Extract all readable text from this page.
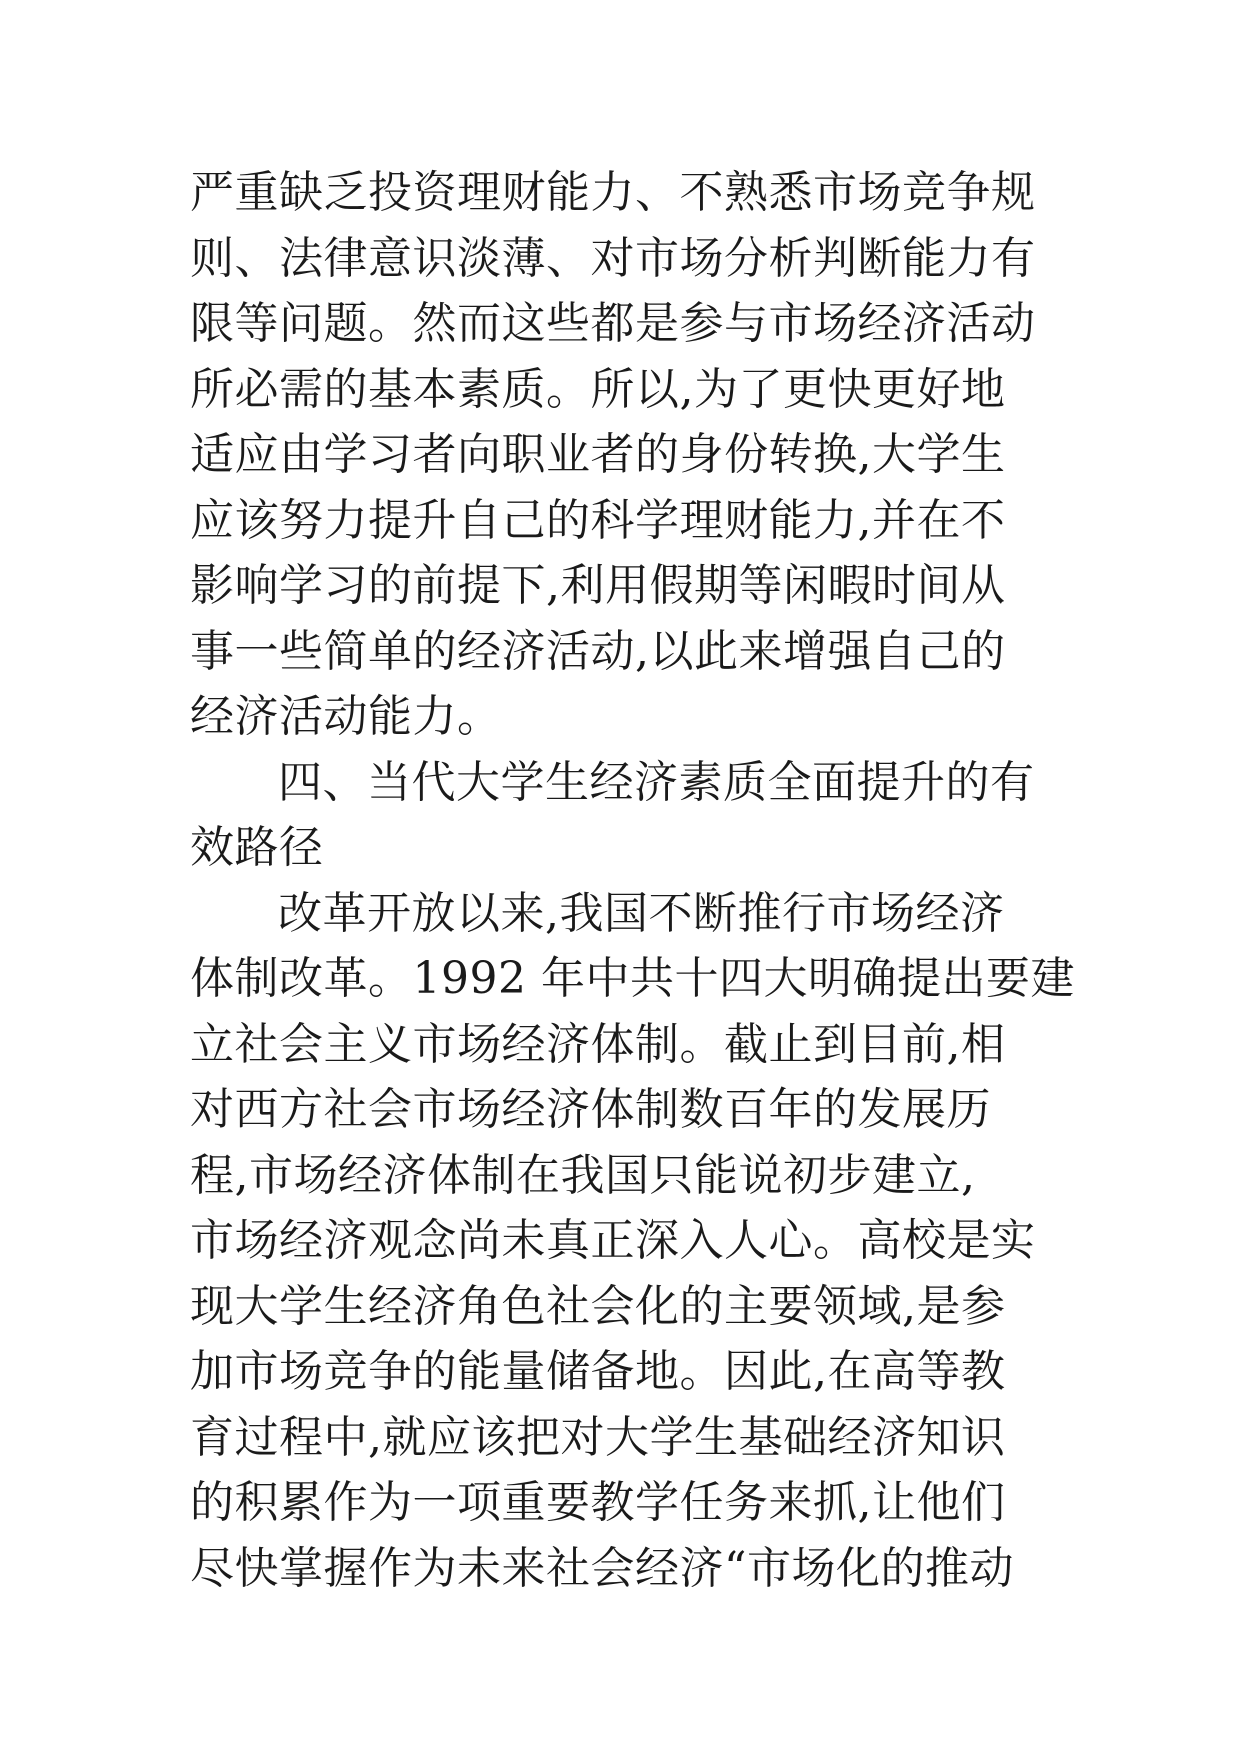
严重缺乏投资理财能力、不熟悉市场竞争规
则、法律意识淡薄、对市场分析判断能力有
限等问题。然而这些都是参与市场经济活动
所必需的基本素质。所以,为了更快更好地
适应由学习者向职业者的身份转换,大学生
应该努力提升自己的科学理财能力,并在不
影响学习的前提下,利用假期等闲暇时间从
事一些简单的经济活动,以此来增强自己的
经济活动能力。
四、当代大学生经济素质全面提升的有
效路径
改革开放以来,我国不断推行市场经济
体制改革。1992 年中共十四大明确提出要建
立社会主义市场经济体制。截止到目前,相
对西方社会市场经济体制数百年的发展历
程,市场经济体制在我国只能说初步建立,
市场经济观念尚未真正深入人心。高校是实
现大学生经济角色社会化的主要领域,是参
加市场竞争的能量储备地。因此,在高等教
育过程中,就应该把对大学生基础经济知识
的积累作为一项重要教学任务来抓,让他们
尽快掌握作为未来社会经济“市场化的推动
